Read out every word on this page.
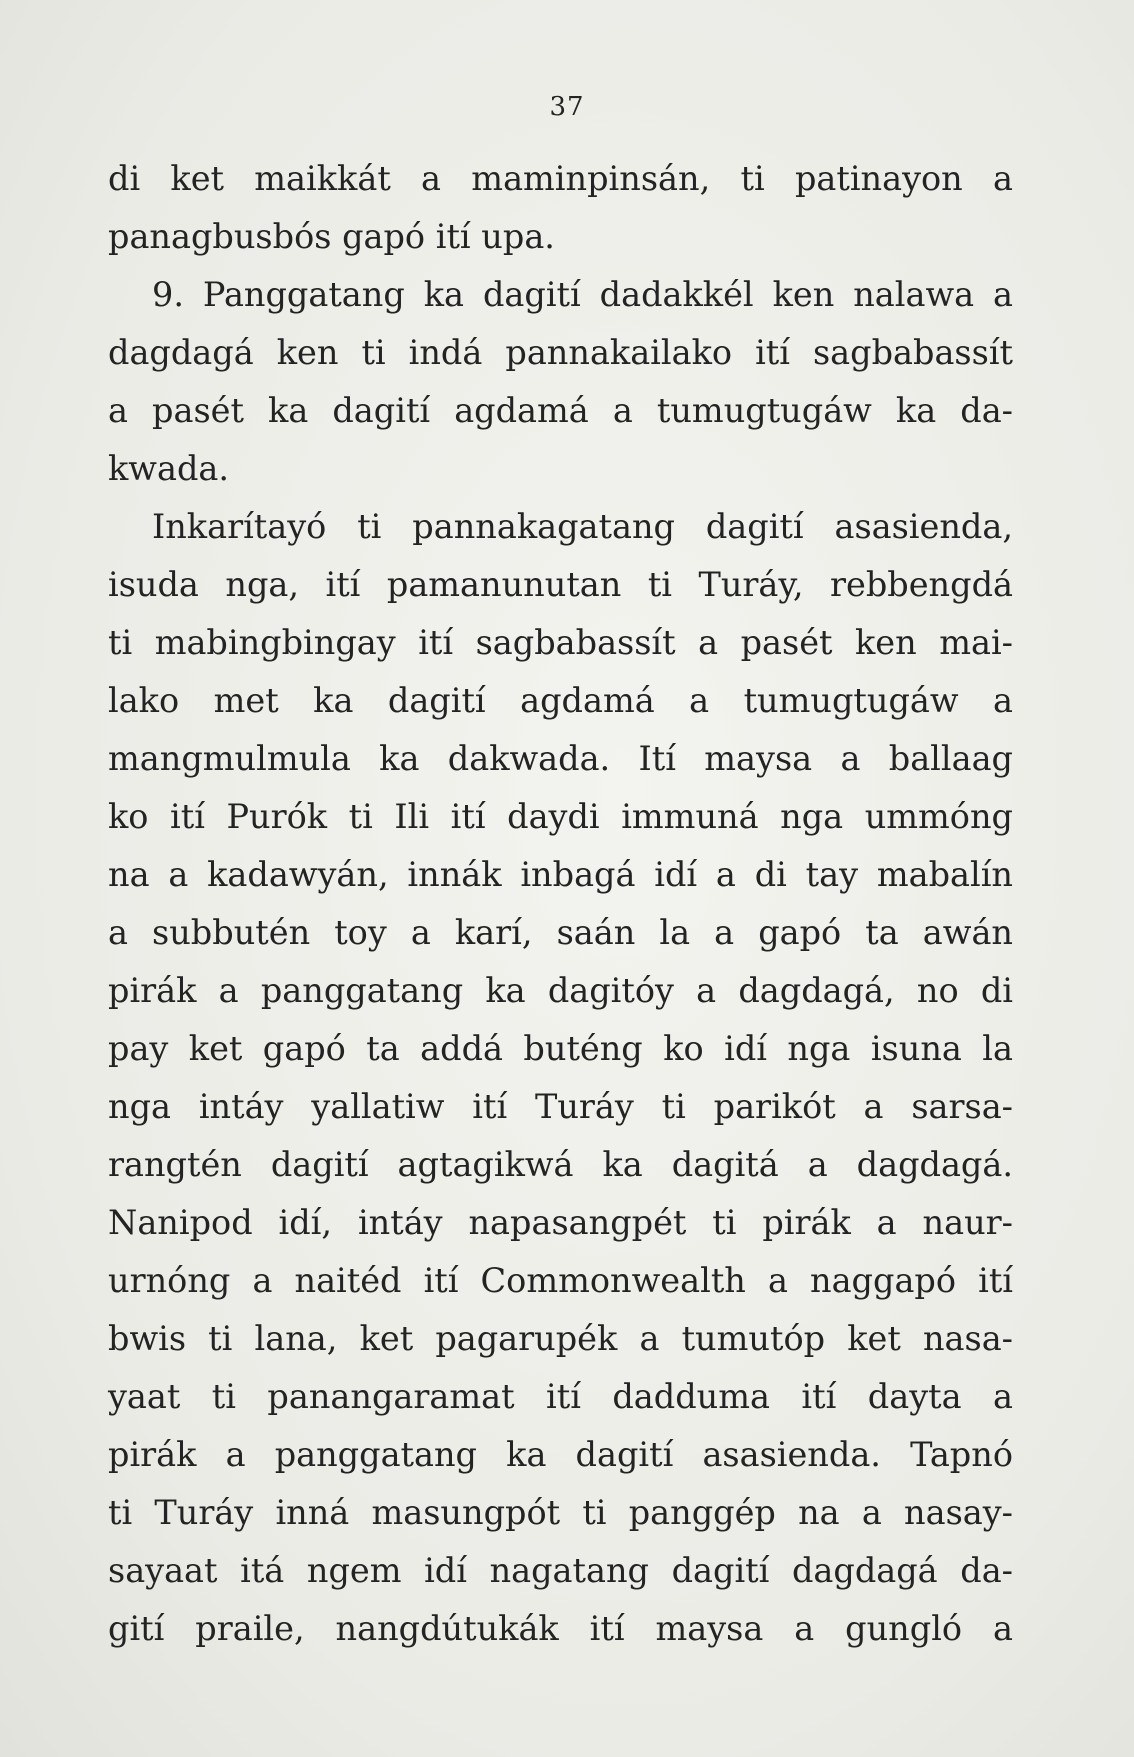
37
di ket maikkát a maminpinsán, ti patinayon a
panagbusbós gapó ití upa.
9. Panggatang ka dagití dadakkél ken nalawa a
dagdagá ken ti indá pannakailako ití sagbabassít
a pasét ka dagití agdamá a tumugtugáw ka da-
kwada.
Inkarítayó ti pannakagatang dagití asasienda,
isuda nga, ití pamanunutan ti Turáy, rebbengdá
ti mabingbingay ití sagbabassít a pasét ken mai-
lako met ka dagití agdamá a tumugtugáw a
mangmulmula ka dakwada. Ití maysa a ballaag
ko ití Purók ti Ili ití daydi immuná nga ummóng
na a kadawyán, innák inbagá idí a di tay mabalín
a subbutén toy a karí, saán la a gapó ta awán
pirák a panggatang ka dagitóy a dagdagá, no di
pay ket gapó ta addá buténg ko idí nga isuna la
nga intáy yallatiw ití Turáy ti parikót a sarsa-
rangtén dagití agtagikwá ka dagitá a dagdagá.
Nanipod idí, intáy napasangpét ti pirák a naur-
urnóng a naitéd ití Commonwealth a naggapó ití
bwis ti lana, ket pagarupék a tumutóp ket nasa-
yaat ti panangaramat ití dadduma ití dayta a
pirák a panggatang ka dagití asasienda. Tapnó
ti Turáy inná masungpót ti panggép na a nasay-
sayaat itá ngem idí nagatang dagití dagdagá da-
gití praile, nangdútukák ití maysa a gungló a
